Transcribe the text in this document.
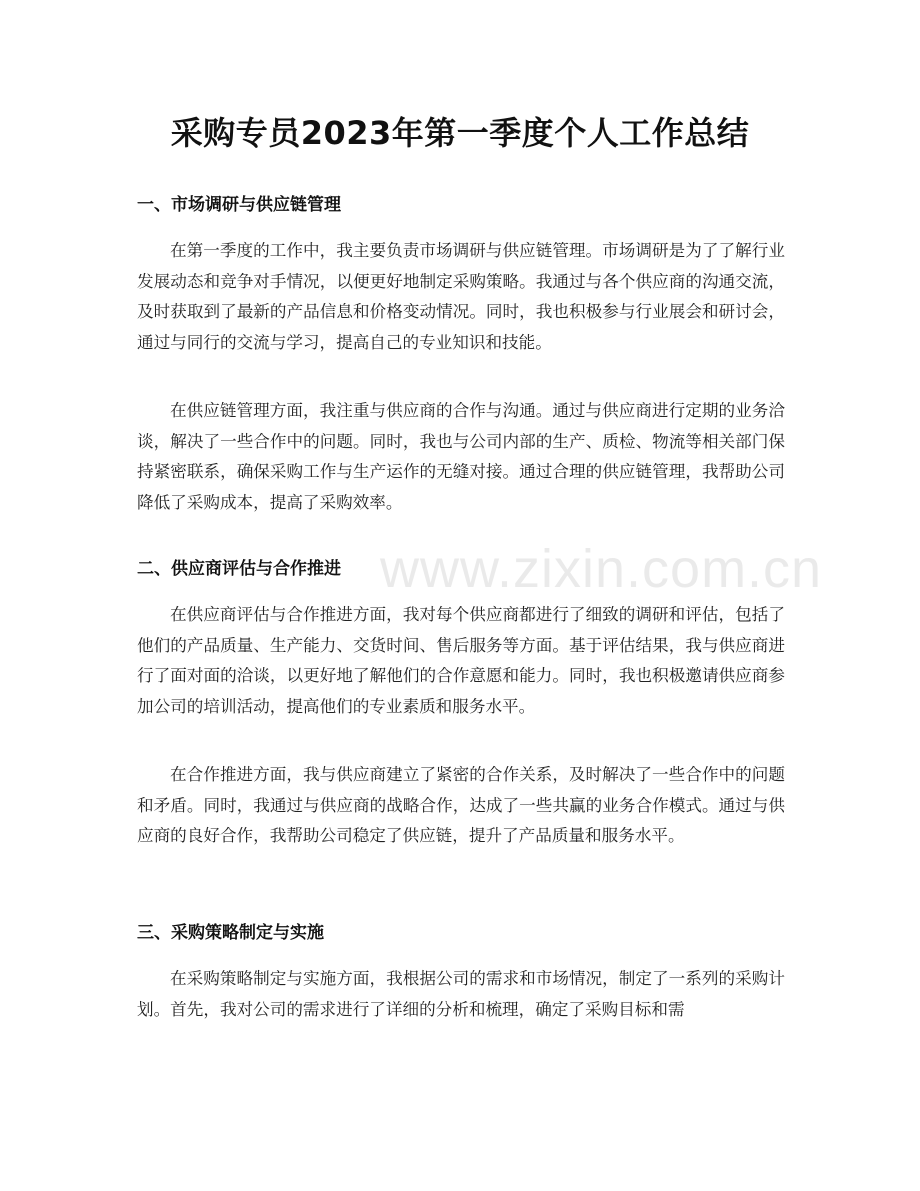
www.zixin.com.cn
采购专员2023年第一季度个人工作总结
一、市场调研与供应链管理
在第一季度的工作中，我主要负责市场调研与供应链管理。市场调研是为了了解行业发展动态和竞争对手情况，以便更好地制定采购策略。我通过与各个供应商的沟通交流，及时获取到了最新的产品信息和价格变动情况。同时，我也积极参与行业展会和研讨会，通过与同行的交流与学习，提高自己的专业知识和技能。
在供应链管理方面，我注重与供应商的合作与沟通。通过与供应商进行定期的业务洽谈，解决了一些合作中的问题。同时，我也与公司内部的生产、质检、物流等相关部门保持紧密联系，确保采购工作与生产运作的无缝对接。通过合理的供应链管理，我帮助公司降低了采购成本，提高了采购效率。
二、供应商评估与合作推进
在供应商评估与合作推进方面，我对每个供应商都进行了细致的调研和评估，包括了他们的产品质量、生产能力、交货时间、售后服务等方面。基于评估结果，我与供应商进行了面对面的洽谈，以更好地了解他们的合作意愿和能力。同时，我也积极邀请供应商参加公司的培训活动，提高他们的专业素质和服务水平。
在合作推进方面，我与供应商建立了紧密的合作关系，及时解决了一些合作中的问题和矛盾。同时，我通过与供应商的战略合作，达成了一些共赢的业务合作模式。通过与供应商的良好合作，我帮助公司稳定了供应链，提升了产品质量和服务水平。
三、采购策略制定与实施
在采购策略制定与实施方面，我根据公司的需求和市场情况，制定了一系列的采购计划。首先，我对公司的需求进行了详细的分析和梳理，确定了采购目标和需
